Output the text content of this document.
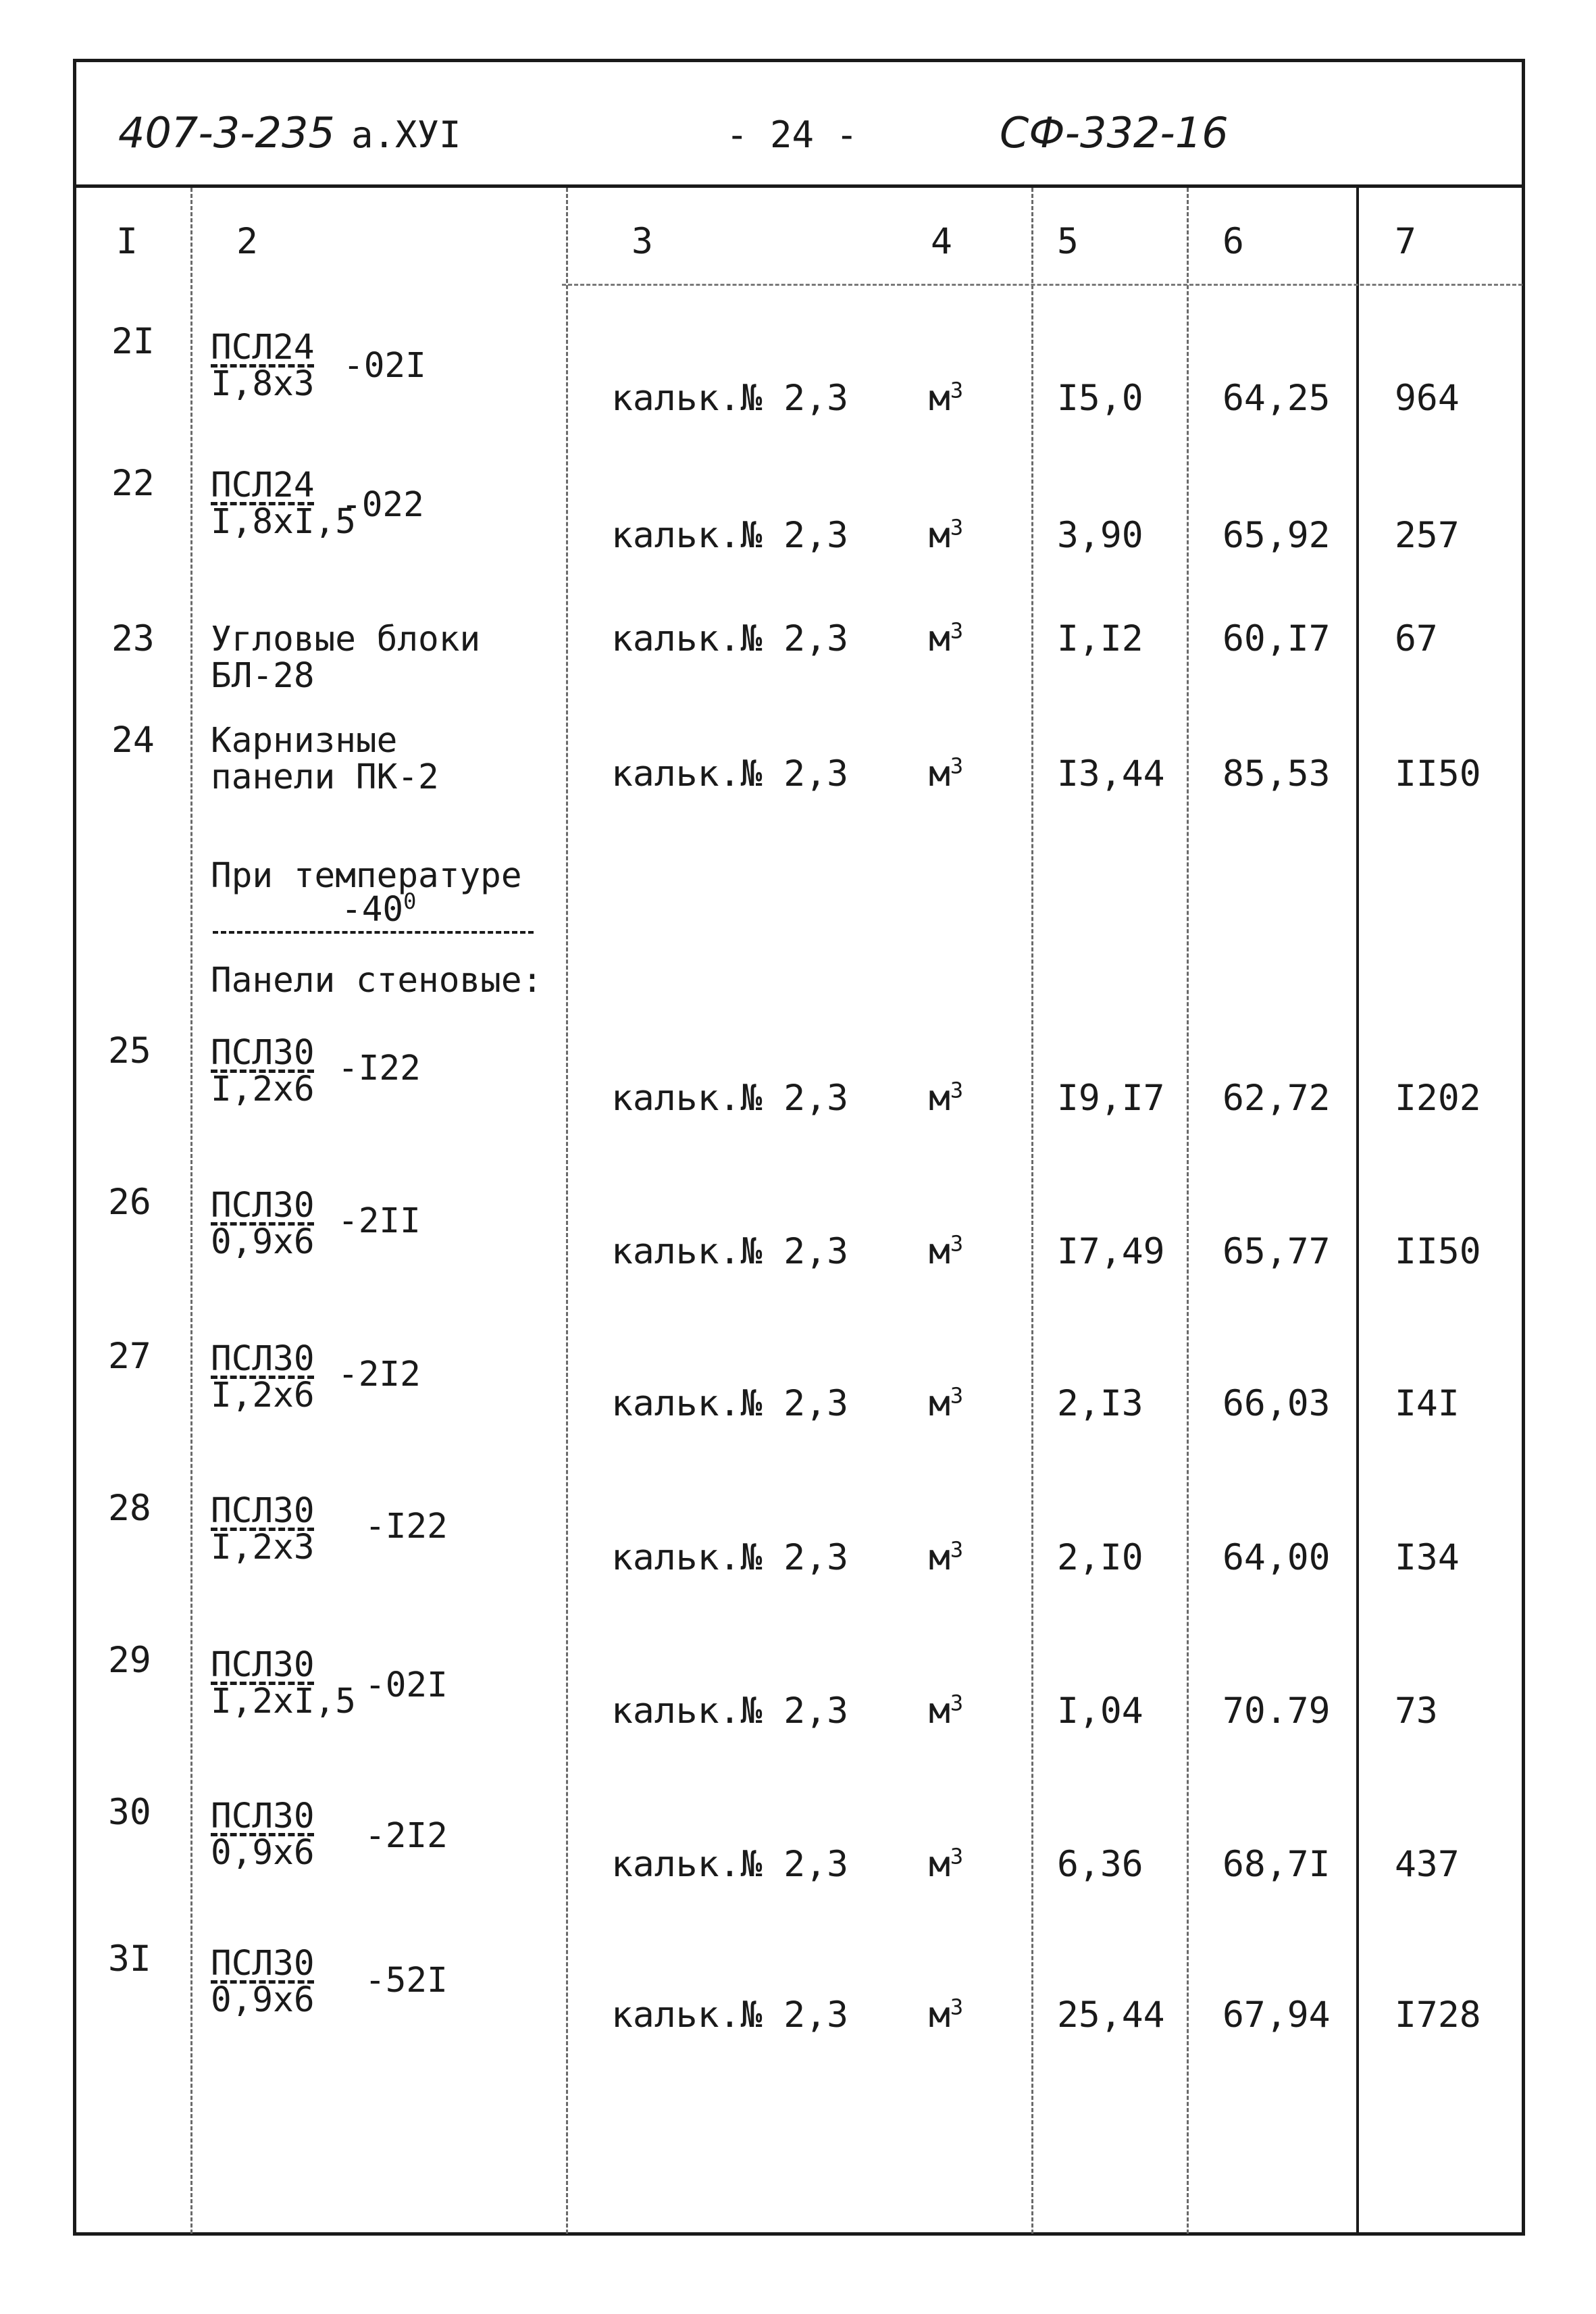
407-3-235 а.ХУI	- 24 -	СФ-332-16
I	2	3	4	5	6	7
2I ПСЛ24
I,8x3 -02I
кальк.№ 2,3 $м^3$	I5,0 64,25 964
22 ПСЛ24
I,8xI,5
-022
кальк.№ 2,3 $м^3$	3,90 65,92 257
23 Угловые блоки
БЛ-28
кальк.№ 2,3 $м^3$	I,I2 60,I7 67
24 Карнизные
панели ПК-2	кальк.№ 2,3 $м^3$	I3,44 85,53 II50
При температуре
$-40^0$
Панели стеновые:
25 ПСЛ30
I,2x6
-I22
кальк.№ 2,3 $м^3$	I9,I7 62,72 I202
26 ПСЛ30
0,9x6
-2II
кальк.№ 2,3 $м^3$	I7,49 65,77 II50
27 ПСЛ30
I,2x6
-2I2
кальк.№ 2,3 $м^3$	2,I3 66,03 I4I
28 ПСЛ30
I,2x3
-I22
кальк.№ 2,3 $м^3$	2,I0 64,00 I34
29 ПСЛ30
I,2xI,5 -02I
кальк.№ 2,3 $м^3$	I,04 70.79 73
30 ПСЛ30
0,9x6 -2I2
кальк.№ 2,3 $м^3$	6,36 68,7I 437
3I ПСЛ30
0,9x6 -52I
кальк.№ 2,3 $м^3$	25,44 67,94 I728
